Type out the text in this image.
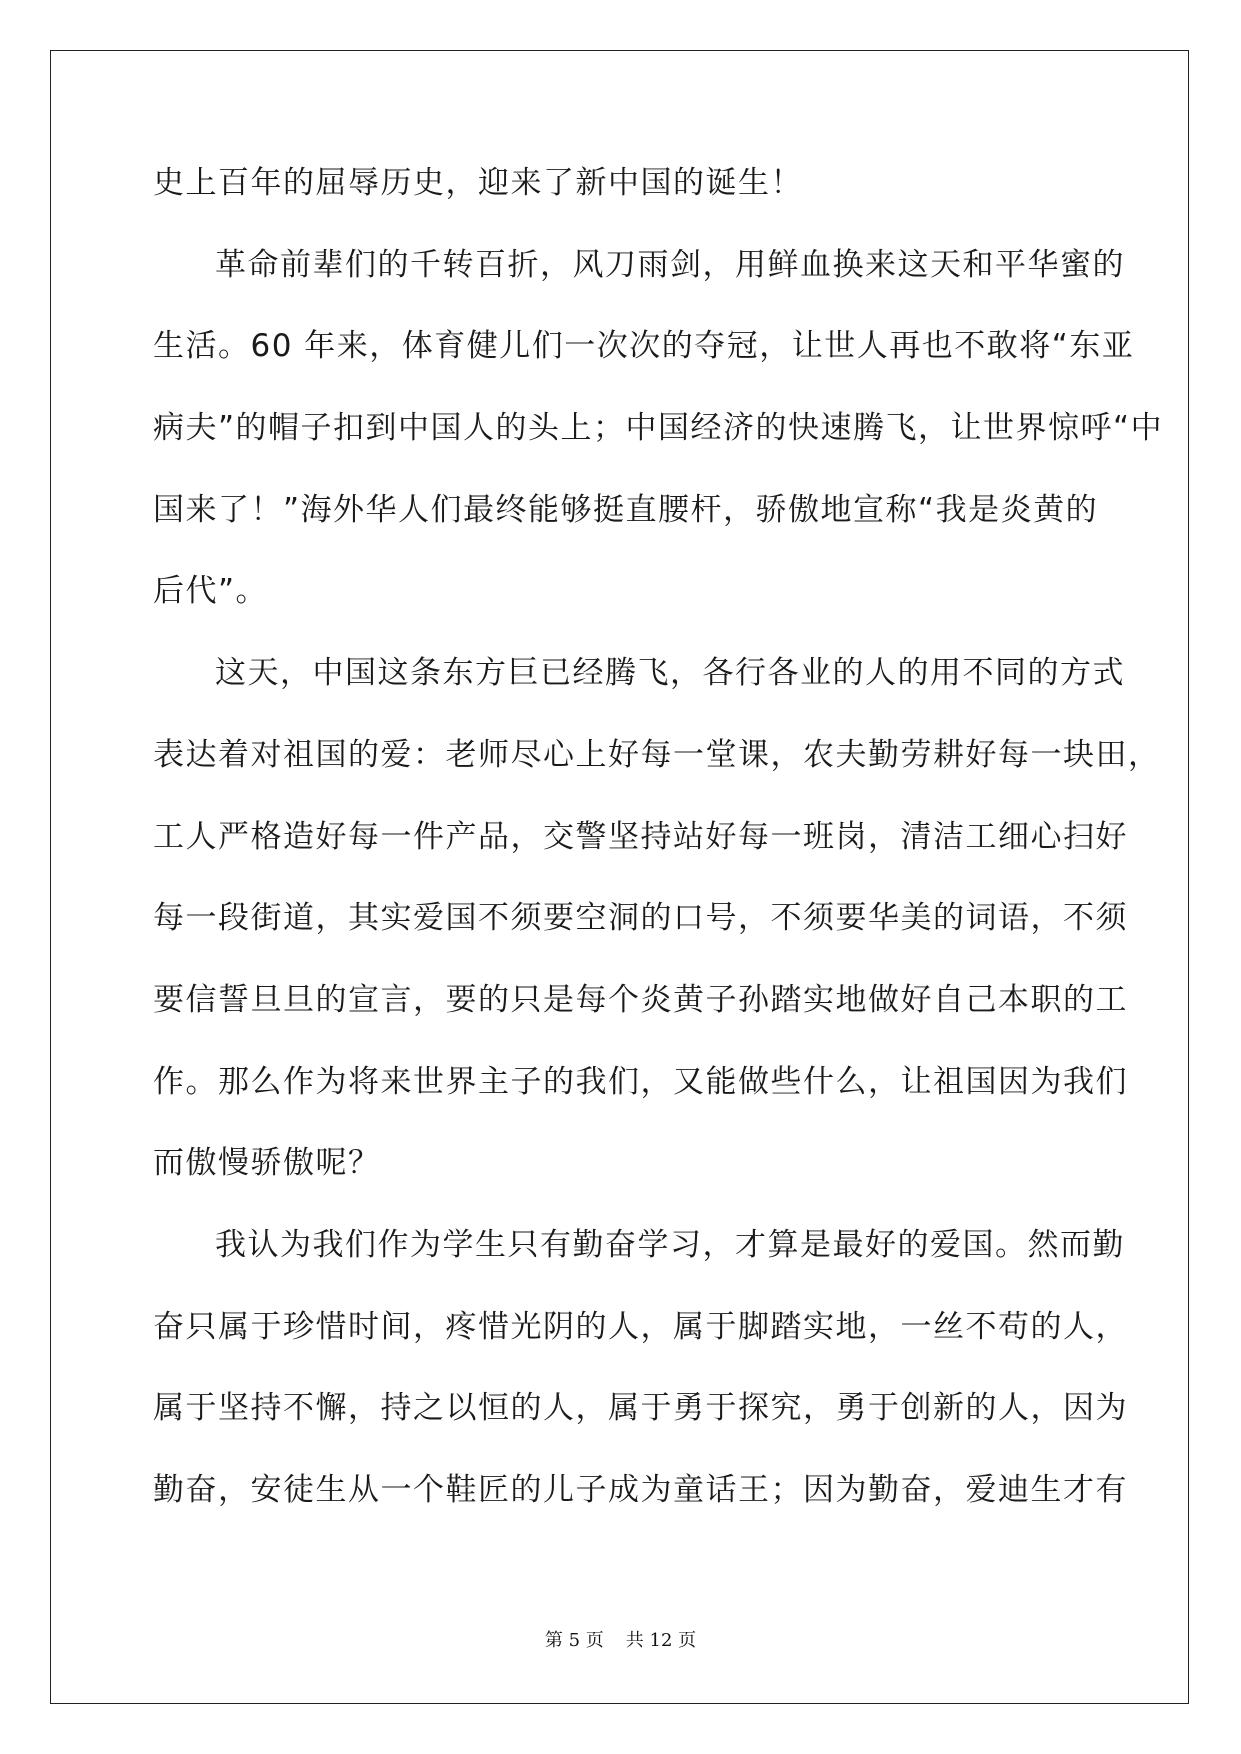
史上百年的屈辱历史，迎来了新中国的诞生！
革命前辈们的千转百折，风刀雨剑，用鲜血换来这天和平华蜜的
生活。60 年来，体育健儿们一次次的夺冠，让世人再也不敢将“东亚
病夫”的帽子扣到中国人的头上；中国经济的快速腾飞，让世界惊呼“中
国来了！”海外华人们最终能够挺直腰杆，骄傲地宣称“我是炎黄的
后代”。
这天，中国这条东方巨已经腾飞，各行各业的人的用不同的方式
表达着对祖国的爱：老师尽心上好每一堂课，农夫勤劳耕好每一块田，
工人严格造好每一件产品，交警坚持站好每一班岗，清洁工细心扫好
每一段街道，其实爱国不须要空洞的口号，不须要华美的词语，不须
要信誓旦旦的宣言，要的只是每个炎黄子孙踏实地做好自己本职的工
作。那么作为将来世界主子的我们，又能做些什么，让祖国因为我们
而傲慢骄傲呢？
我认为我们作为学生只有勤奋学习，才算是最好的爱国。然而勤
奋只属于珍惜时间，疼惜光阴的人，属于脚踏实地，一丝不苟的人，
属于坚持不懈，持之以恒的人，属于勇于探究，勇于创新的人，因为
勤奋，安徒生从一个鞋匠的儿子成为童话王；因为勤奋，爱迪生才有
第 5 页 共 12 页
